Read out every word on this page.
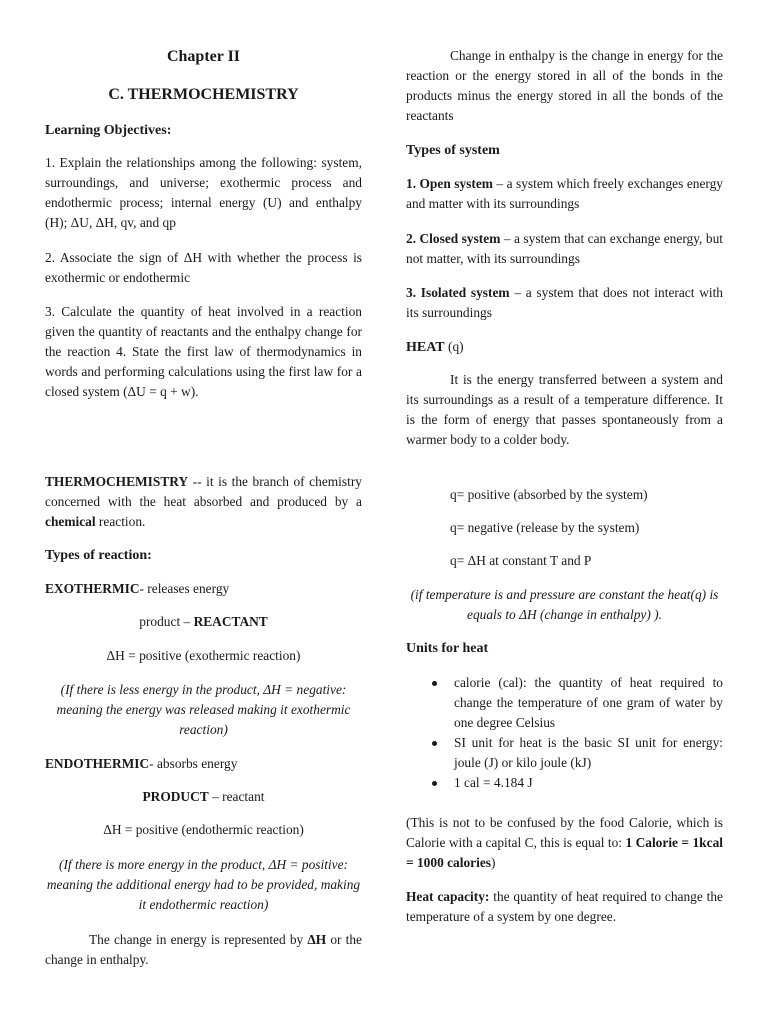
Chapter II

C. THERMOCHEMISTRY

Learning Objectives:

1. Explain the relationships among the following: system, surroundings, and universe; exothermic process and endothermic process; internal energy (U) and enthalpy (H); ΔU, ΔH, qv, and qp

2. Associate the sign of ΔH with whether the process is exothermic or endothermic

3. Calculate the quantity of heat involved in a reaction given the quantity of reactants and the enthalpy change for the reaction 4. State the first law of thermodynamics in words and performing calculations using the first law for a closed system (ΔU = q + w).

THERMOCHEMISTRY -- it is the branch of chemistry concerned with the heat absorbed and produced by a chemical reaction.

Types of reaction:

EXOTHERMIC- releases energy

product – REACTANT

ΔH = positive (exothermic reaction)

(If there is less energy in the product, ΔH = negative: meaning the energy was released making it exothermic reaction)

ENDOTHERMIC- absorbs energy

PRODUCT – reactant

ΔH = positive (endothermic reaction)

(If there is more energy in the product, ΔH = positive: meaning the additional energy had to be provided, making it endothermic reaction)

The change in energy is represented by ΔH or the change in enthalpy.

Change in enthalpy is the change in energy for the reaction or the energy stored in all of the bonds in the products minus the energy stored in all the bonds of the reactants

Types of system

1. Open system – a system which freely exchanges energy and matter with its surroundings

2. Closed system – a system that can exchange energy, but not matter, with its surroundings

3. Isolated system – a system that does not interact with its surroundings

HEAT (q)

It is the energy transferred between a system and its surroundings as a result of a temperature difference. It is the form of energy that passes spontaneously from a warmer body to a colder body.

q= positive (absorbed by the system)

q= negative (release by the system)

q= ΔH at constant T and P

(if temperature is and pressure are constant the heat(q) is equals to ΔH (change in enthalpy) ).

Units for heat

calorie (cal): the quantity of heat required to change the temperature of one gram of water by one degree Celsius
SI unit for heat is the basic SI unit for energy: joule (J) or kilo joule (kJ)
1 cal = 4.184 J

(This is not to be confused by the food Calorie, which is Calorie with a capital C, this is equal to: 1 Calorie = 1kcal = 1000 calories)

Heat capacity: the quantity of heat required to change the temperature of a system by one degree.
